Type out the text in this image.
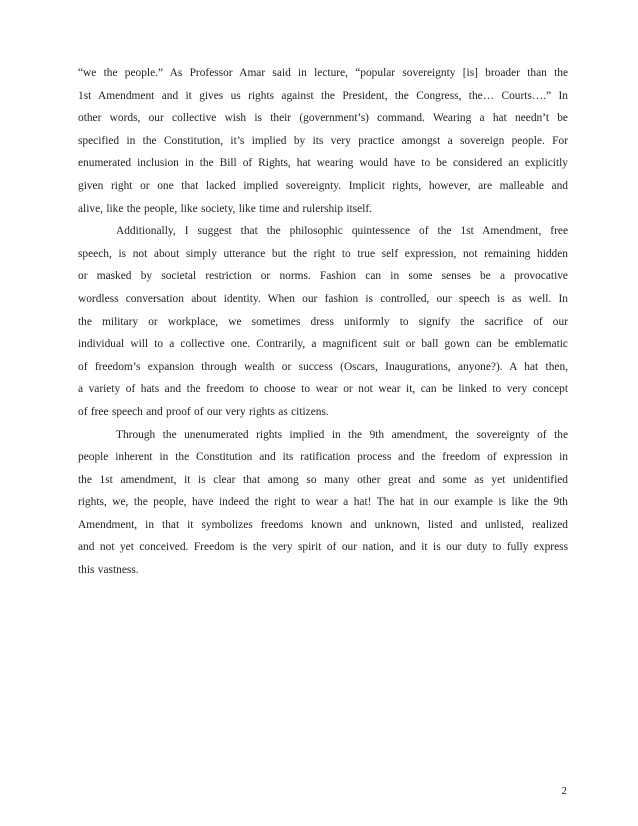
“we the people.” As Professor Amar said in lecture, “popular sovereignty [is] broader than the
1st Amendment and it gives us rights against the President, the Congress, the… Courts….” In
other words, our collective wish is their (government’s) command. Wearing a hat needn’t be
specified in the Constitution, it’s implied by its very practice amongst a sovereign people. For
enumerated inclusion in the Bill of Rights, hat wearing would have to be considered an explicitly
given right or one that lacked implied sovereignty. Implicit rights, however, are malleable and
alive, like the people, like society, like time and rulership itself.
Additionally, I suggest that the philosophic quintessence of the 1st Amendment, free
speech, is not about simply utterance but the right to true self expression, not remaining hidden
or masked by societal restriction or norms. Fashion can in some senses be a provocative
wordless conversation about identity. When our fashion is controlled, our speech is as well. In
the military or workplace, we sometimes dress uniformly to signify the sacrifice of our
individual will to a collective one. Contrarily, a magnificent suit or ball gown can be emblematic
of freedom’s expansion through wealth or success (Oscars, Inaugurations, anyone?). A hat then,
a variety of hats and the freedom to choose to wear or not wear it, can be linked to very concept
of free speech and proof of our very rights as citizens.
Through the unenumerated rights implied in the 9th amendment, the sovereignty of the
people inherent in the Constitution and its ratification process and the freedom of expression in
the 1st amendment, it is clear that among so many other great and some as yet unidentified
rights, we, the people, have indeed the right to wear a hat! The hat in our example is like the 9th
Amendment, in that it symbolizes freedoms known and unknown, listed and unlisted, realized
and not yet conceived. Freedom is the very spirit of our nation, and it is our duty to fully express
this vastness.
2
